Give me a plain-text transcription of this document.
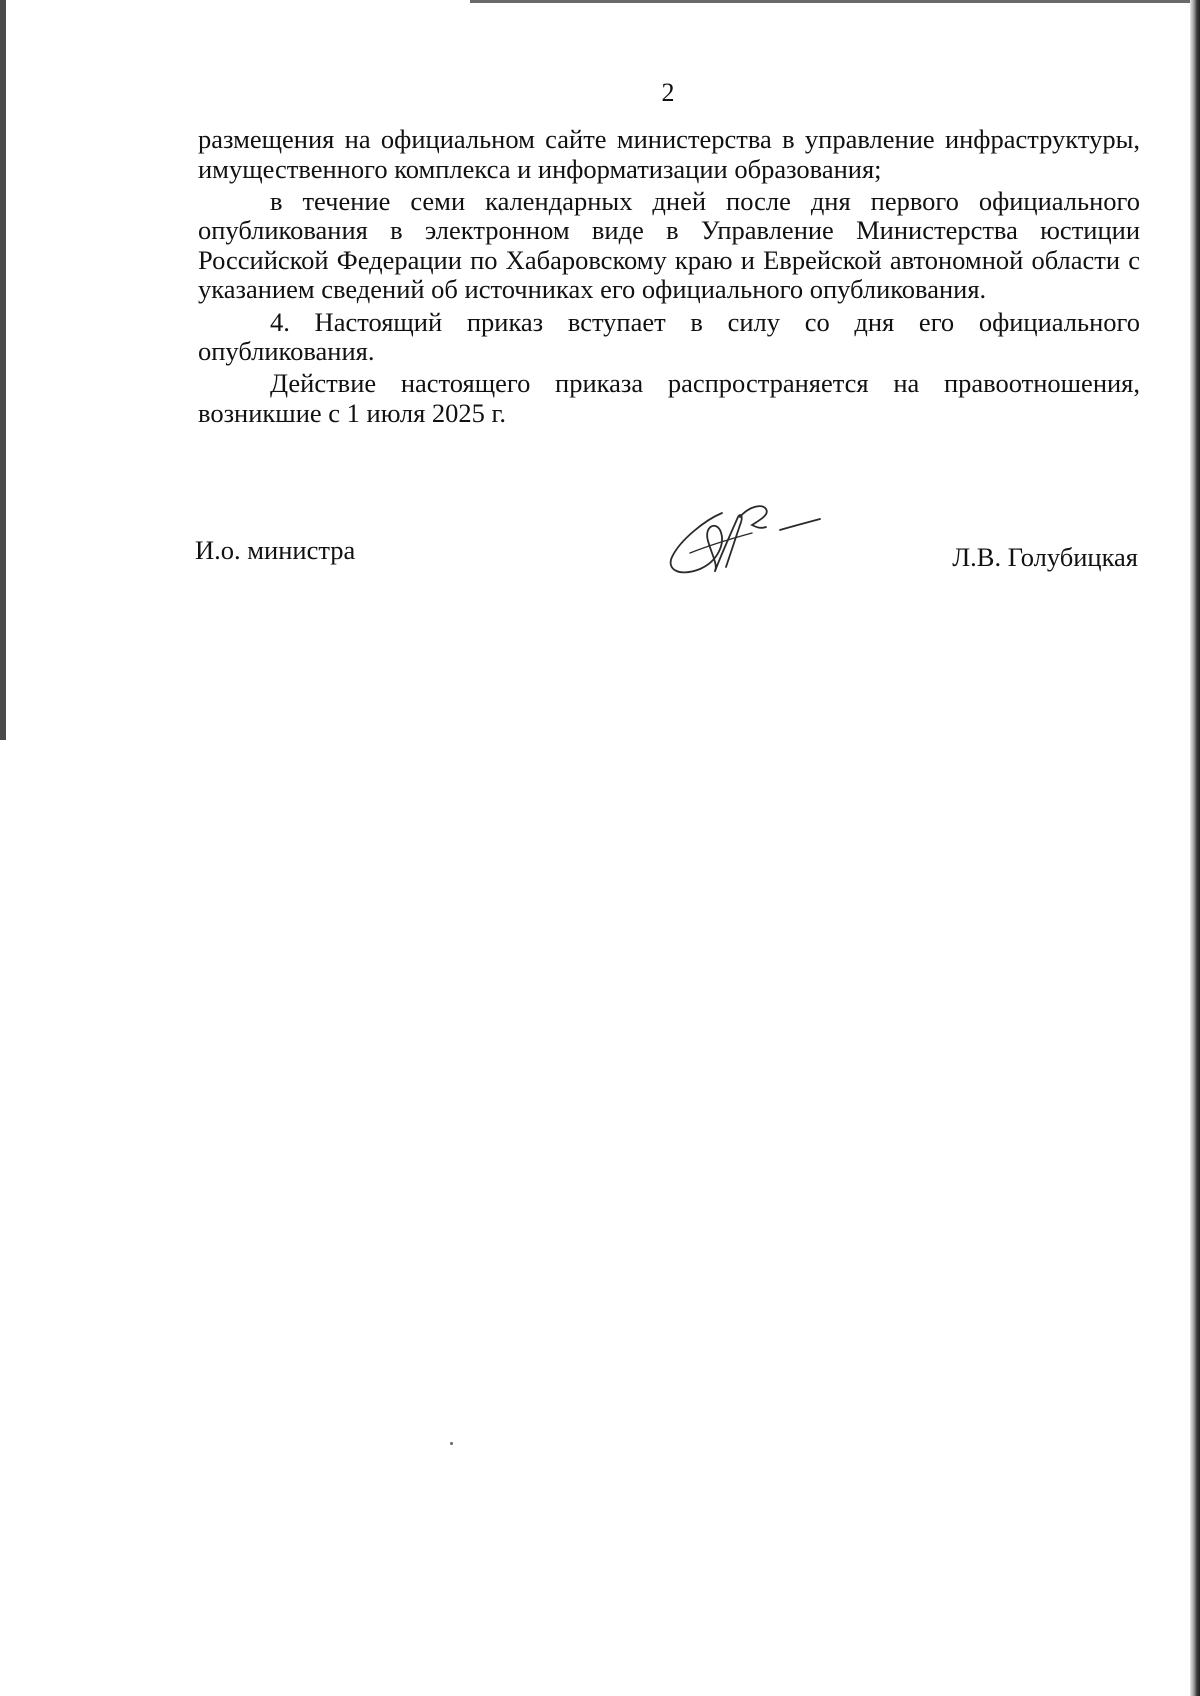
2

размещения на официальном сайте министерства в управление инфраструктуры, имущественного комплекса и информатизации образования;

в течение семи календарных дней после дня первого официального опубликования в электронном виде в Управление Министерства юстиции Российской Федерации по Хабаровскому краю и Еврейской автономной области с указанием сведений об источниках его официального опубликования.

4. Настоящий приказ вступает в силу со дня его официального опубликования.

Действие настоящего приказа распространяется на правоотношения, возникшие с 1 июля 2025 г.

И.о. министра	Л.В. Голубицкая
